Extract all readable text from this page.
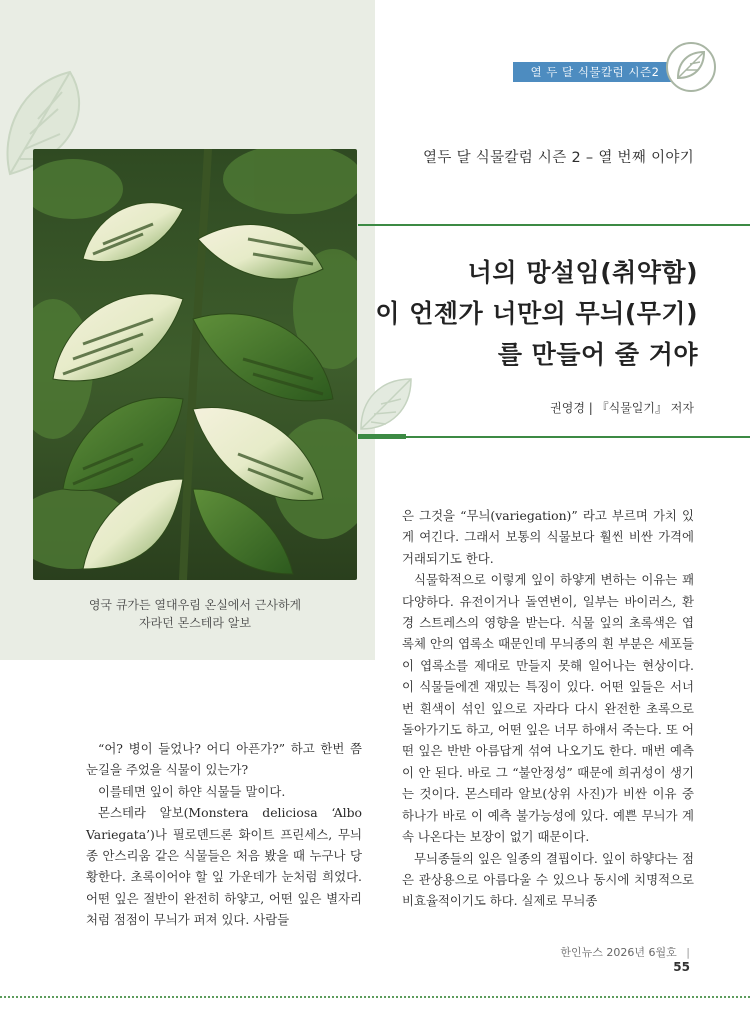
영국 큐가든 열대우림 온실에서 근사하게
자라던 몬스테라 알보
열 두 달 식물칼럼 시즌2
열두 달 식물칼럼 시즌 2 – 열 번째 이야기
너의 망설임(취약함)
이 언젠가 너만의 무늬(무기)
를 만들어 줄 거야
권영경 | 『식물일기』 저자

“어? 병이 들었나? 어디 아픈가?” 하고 한번 쯤 눈길을 주었을 식물이 있는가?

이를테면 잎이 하얀 식물들 말이다.

몬스테라 알보(Monstera deliciosa ‘Albo Variegata’)나 필로덴드론 화이트 프린세스, 무늬종 안스리움 같은 식물들은 처음 봤을 때 누구나 당황한다. 초록이어야 할 잎 가운데가 눈처럼 희었다. 어떤 잎은 절반이 완전히 하얗고, 어떤 잎은 별자리처럼 점점이 무늬가 퍼져 있다. 사람들

은 그것을 “무늬(variegation)” 라고 부르며 가치 있게 여긴다. 그래서 보통의 식물보다 훨씬 비싼 가격에 거래되기도 한다.

식물학적으로 이렇게 잎이 하얗게 변하는 이유는 꽤 다양하다. 유전이거나 돌연변이, 일부는 바이러스, 환경 스트레스의 영향을 받는다. 식물 잎의 초록색은 엽록체 안의 엽록소 때문인데 무늬종의 흰 부분은 세포들이 엽록소를 제대로 만들지 못해 일어나는 현상이다. 이 식물들에겐 재밌는 특징이 있다. 어떤 잎들은 서너 번 흰색이 섞인 잎으로 자라다 다시 완전한 초록으로 돌아가기도 하고, 어떤 잎은 너무 하얘서 죽는다. 또 어떤 잎은 반반 아름답게 섞여 나오기도 한다. 매번 예측이 안 된다. 바로 그 “불안정성” 때문에 희귀성이 생기는 것이다. 몬스테라 알보(상위 사진)가 비싼 이유 중 하나가 바로 이 예측 불가능성에 있다. 예쁜 무늬가 계속 나온다는 보장이 없기 때문이다.

무늬종들의 잎은 일종의 결핍이다. 잎이 하얗다는 점은 관상용으로 아름다울 수 있으나 동시에 치명적으로 비효율적이기도 하다. 실제로 무늬종

한인뉴스 2026년 6월호 | 55
